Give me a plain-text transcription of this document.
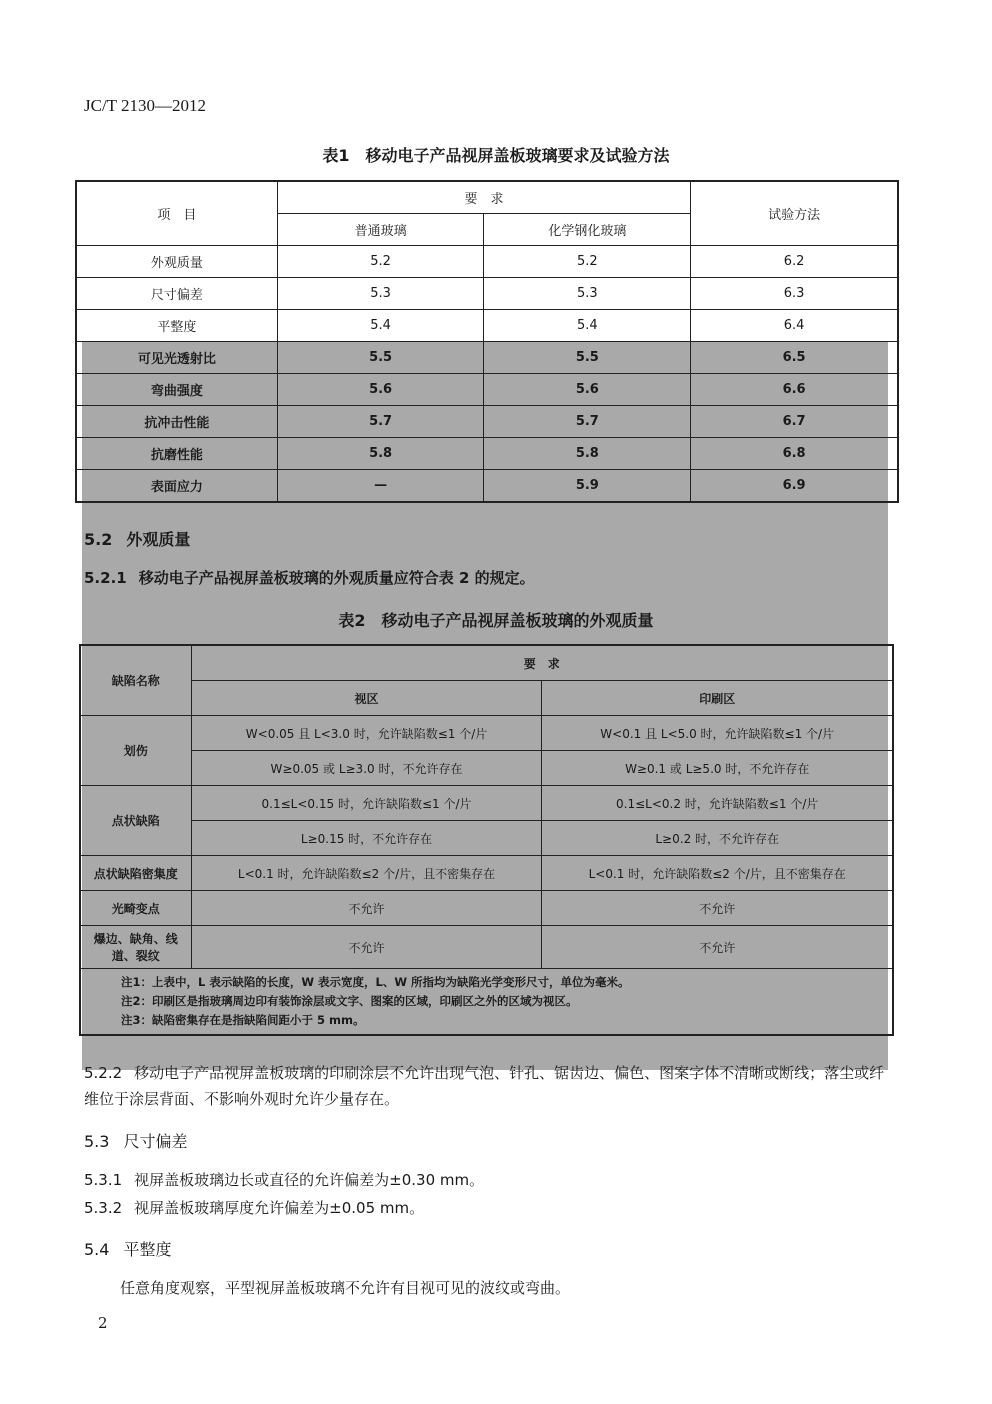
JC/T 2130—2012
表1　移动电子产品视屏盖板玻璃要求及试验方法
项　目	要　求		试验方法
	普通玻璃	化学钢化玻璃	
外观质量	5.2	5.2	6.2
尺寸偏差	5.3	5.3	6.3
平整度	5.4	5.4	6.4
可见光透射比	5.5	5.5	6.5
弯曲强度	5.6	5.6	6.6
抗冲击性能	5.7	5.7	6.7
抗磨性能	5.8	5.8	6.8
表面应力	—	5.9	6.9
5.2 外观质量
5.2.1 移动电子产品视屏盖板玻璃的外观质量应符合表 2 的规定。
表2　移动电子产品视屏盖板玻璃的外观质量
缺陷名称	要　求	
	视区	印刷区
划伤	W<0.05 且 L<3.0 时，允许缺陷数≤1 个/片	W<0.1 且 L<5.0 时，允许缺陷数≤1 个/片
	W≥0.05 或 L≥3.0 时，不允许存在	W≥0.1 或 L≥5.0 时，不允许存在
点状缺陷	0.1≤L<0.15 时，允许缺陷数≤1 个/片	0.1≤L<0.2 时，允许缺陷数≤1 个/片
	L≥0.15 时，不允许存在	L≥0.2 时，不允许存在
点状缺陷密集度	L<0.1 时，允许缺陷数≤2 个/片，且不密集存在	L<0.1 时，允许缺陷数≤2 个/片，且不密集存在
光畸变点	不允许	不允许
爆边、缺角、线道、裂纹	不允许	不允许

注1：上表中，L 表示缺陷的长度，W 表示宽度，L、W 所指均为缺陷光学变形尺寸，单位为毫米。
注2：印刷区是指玻璃周边印有装饰涂层或文字、图案的区域，印刷区之外的区域为视区。
注3：缺陷密集存在是指缺陷间距小于 5 mm。		
5.2.2 移动电子产品视屏盖板玻璃的印刷涂层不允许出现气泡、针孔、锯齿边、偏色、图案字体不清晰或断线；落尘或纤维位于涂层背面、不影响外观时允许少量存在。
5.3 尺寸偏差
5.3.1 视屏盖板玻璃边长或直径的允许偏差为±0.30 mm。
5.3.2 视屏盖板玻璃厚度允许偏差为±0.05 mm。
5.4 平整度
任意角度观察，平型视屏盖板玻璃不允许有目视可见的波纹或弯曲。
2
